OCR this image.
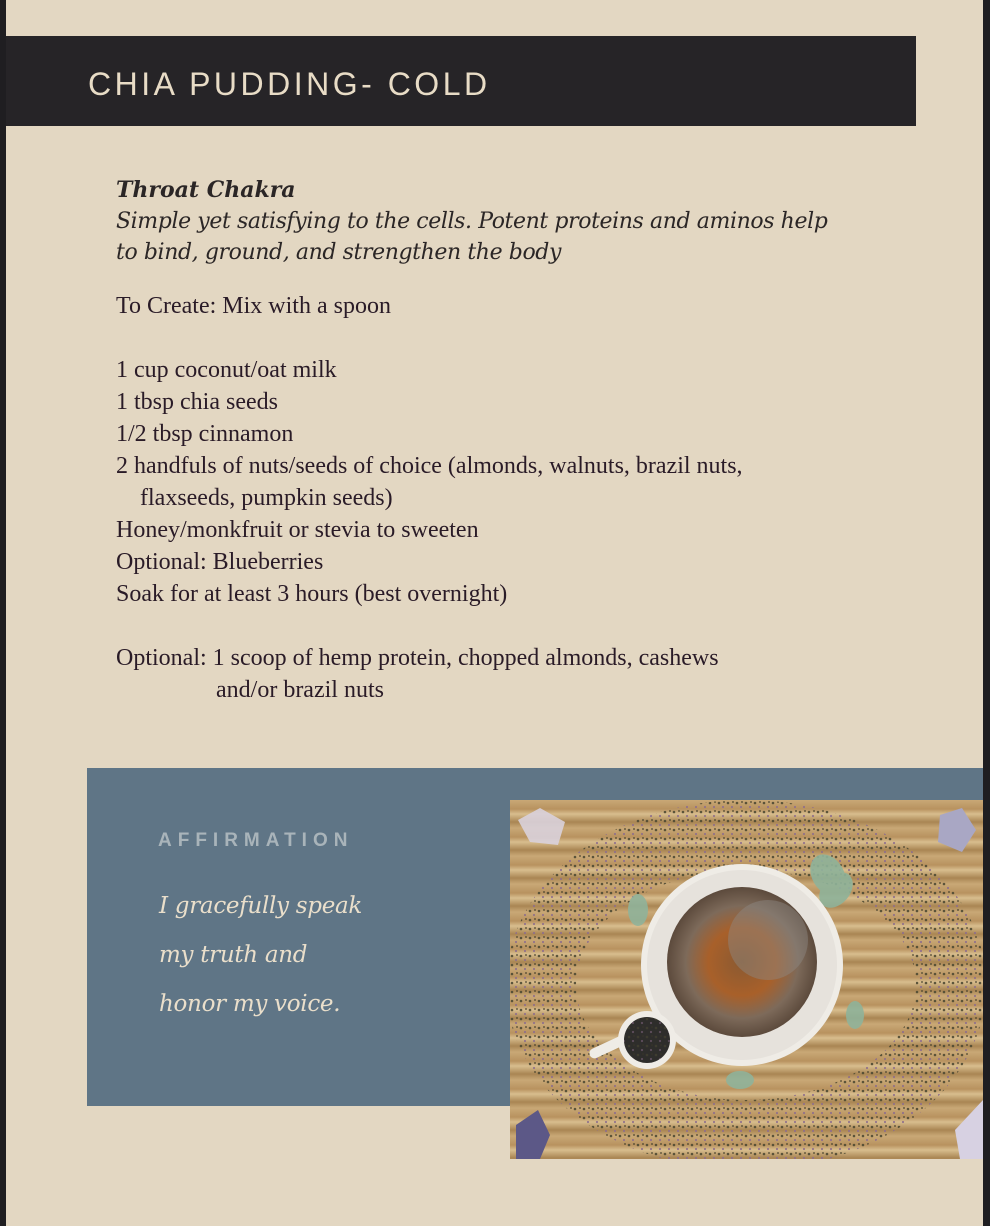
CHIA PUDDING- COLD
Throat Chakra
Simple yet satisfying to the cells. Potent proteins and aminos help
to bind, ground, and strengthen the body
To Create: Mix with a spoon
1 cup coconut/oat milk
1 tbsp chia seeds
1/2 tbsp cinnamon
2 handfuls of nuts/seeds of choice (almonds, walnuts, brazil nuts,
flaxseeds, pumpkin seeds)
Honey/monkfruit or stevia to sweeten
Optional: Blueberries
Soak for at least 3 hours (best overnight)
Optional: 1 scoop of hemp protein, chopped almonds, cashews
and/or brazil nuts
AFFIRMATION
I gracefully speak
my truth and
honor my voice.
